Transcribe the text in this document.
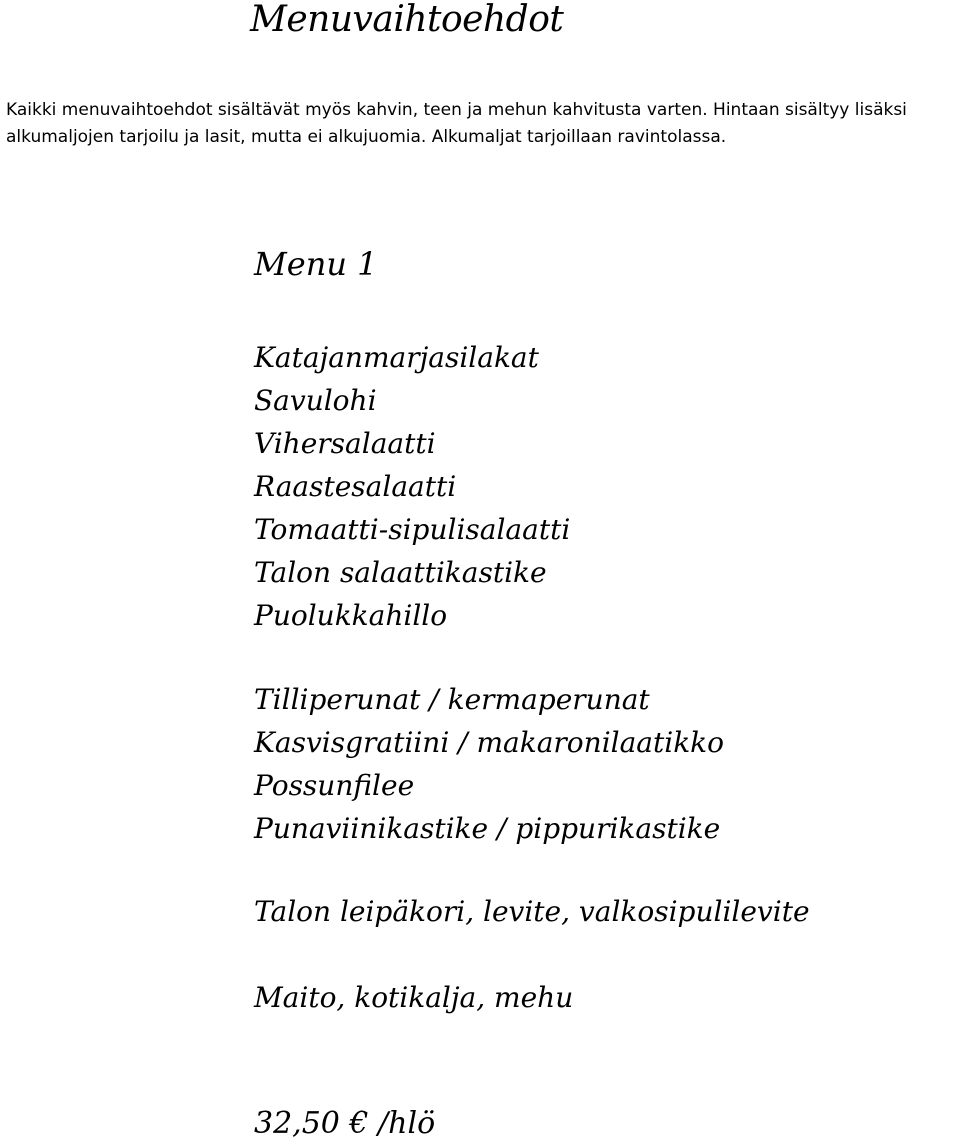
Menuvaihtoehdot

Kaikki menuvaihtoehdot sisältävät myös kahvin, teen ja mehun kahvitusta varten. Hintaan sisältyy lisäksi
alkumaljojen tarjoilu ja lasit, mutta ei alkujuomia. Alkumaljat tarjoillaan ravintolassa.

Menu 1
Katajanmarjasilakat
Savulohi
Vihersalaatti
Raastesalaatti
Tomaatti-sipulisalaatti
Talon salaattikastike
Puolukkahillo
Tilliperunat / kermaperunat
Kasvisgratiini / makaronilaatikko
Possunfilee
Punaviinikastike / pippurikastike
Talon leipäkori, levite, valkosipulilevite
Maito, kotikalja, mehu

32,50 € /hlö
